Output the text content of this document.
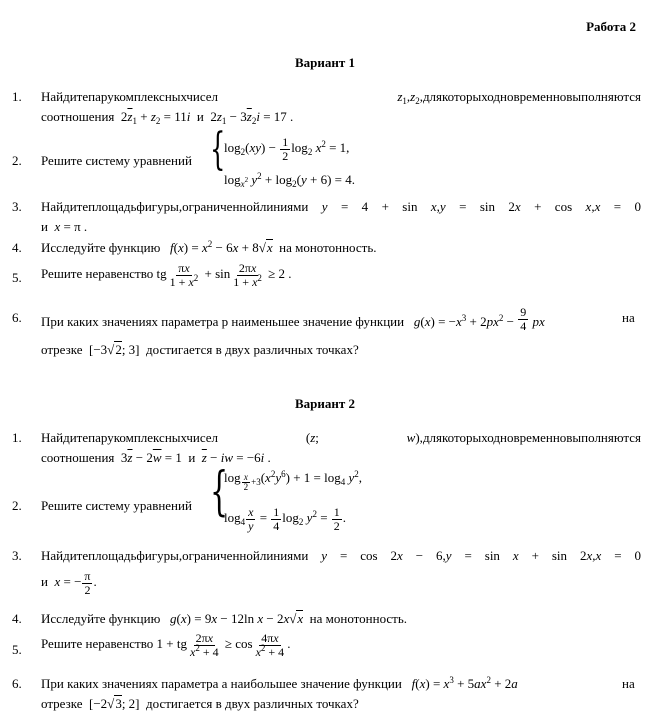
Работа 2
Вариант 1
1. Найдитепарукомплексныхчисел	$z_1,z_2,длякоторыходновременновыполняются$
соотношения  $2\overline{z}_1 + z_2 = 11i$  и  $2z_1 - 3\overline{z}_2i = 17$ .
2. Решите систему уравнений {
$\log_2(xy) - \frac{1}{2} \log_2 x^2 = 1$,
$\log_{x^2} y^2 + \log_2(y + 6) = 4$.
3. Найдитеплощадьфигуры,ограниченнойлиниями y = 4 + sin x,y = sin 2x + cos x,x = 0
и  x = π .
4. Исследуйте функцию $f(x) = x^2 - 6x + 8√x$ на монотонность.
5. Решите неравенство tg $\frac{\pi x}{1 + x^2} + \sin \frac{2\pi x}{1 + x^2} \ge 2$ .
6. При каких значениях параметра p наименьшее значение функции $g(x) = -x^3 + 2px^2 - \frac{9}{4}$ px	на
отрезке  [−3√2; 3]  достигается в двух различных точках?
Вариант 2
1. Найдитепарукомплексныхчисел	(z; w),длякоторыходновременновыполняются
соотношения  $3\overline{z} - 2\overline{w} = 1$  и  $\overline{z}$ − iw = −6i .
2. Решите систему уравнений {
$\log _{\frac{x}{2} +3}(x^2y^6) + 1 = \log_4 y^2$,
$\log_4 \frac{x}{y} = \frac{1}{4} \log_2 y^2 = \frac{1}{2}$ .
3. Найдитеплощадьфигуры,ограниченнойлиниями y = cos 2x − 6,y = sin x + sin 2x,x = 0
и  x = − $\frac{\pi}{2}$ .
4. Исследуйте функцию g(x) = 9x − 12ln x − 2x√x на монотонность.
5. Решите неравенство 1 + tg $\frac{2\pi x}{x^2 + 4} \ge \cos \frac{4\pi x}{x^2 + 4}$ .
6. При каких значениях параметра a наибольшее значение функции $f(x) = x^3 + 5ax^2 + 2a$	на
отрезке  [−2√3; 2]  достигается в двух различных точках?
